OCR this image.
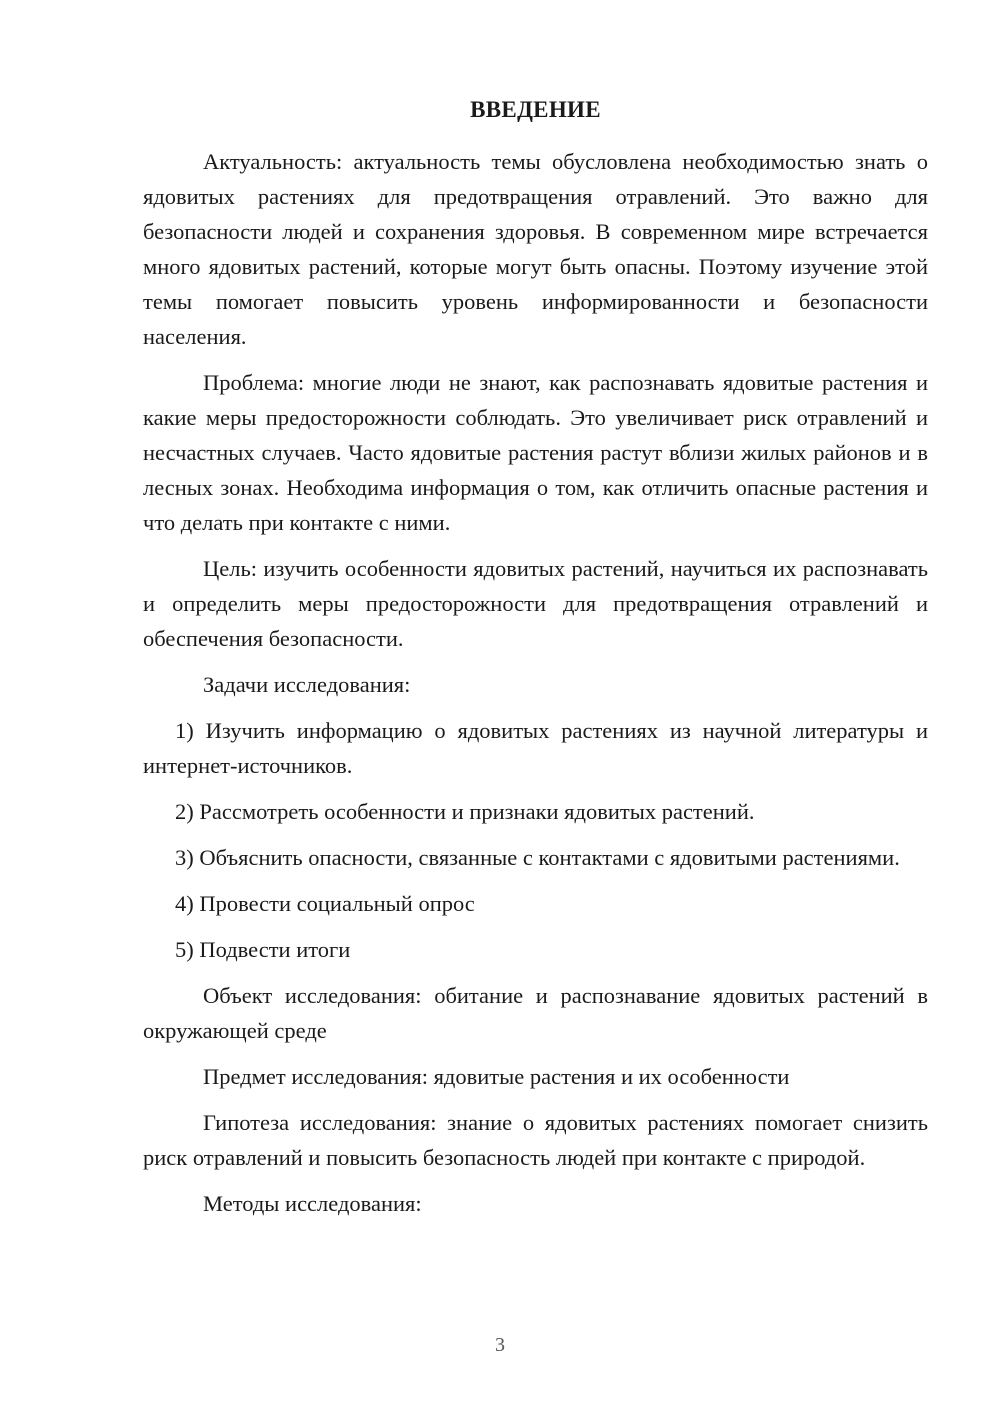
ВВЕДЕНИЕ

Актуальность: актуальность темы обусловлена необходимостью знать о ядовитых растениях для предотвращения отравлений. Это важно для безопасности людей и сохранения здоровья. В современном мире встречается много ядовитых растений, которые могут быть опасны. Поэтому изучение этой темы помогает повысить уровень информированности и безопасности населения.

Проблема: многие люди не знают, как распознавать ядовитые растения и какие меры предосторожности соблюдать. Это увеличивает риск отравлений и несчастных случаев. Часто ядовитые растения растут вблизи жилых районов и в лесных зонах. Необходима информация о том, как отличить опасные растения и что делать при контакте с ними.

Цель: изучить особенности ядовитых растений, научиться их распознавать и определить меры предосторожности для предотвращения отравлений и обеспечения безопасности.

Задачи исследования:

1) Изучить информацию о ядовитых растениях из научной литературы и интернет-источников.

2) Рассмотреть особенности и признаки ядовитых растений.

3) Объяснить опасности, связанные с контактами с ядовитыми растениями.

4) Провести социальный опрос

5) Подвести итоги

Объект исследования: обитание и распознавание ядовитых растений в окружающей среде

Предмет исследования: ядовитые растения и их особенности

Гипотеза исследования: знание о ядовитых растениях помогает снизить риск отравлений и повысить безопасность людей при контакте с природой.

Методы исследования:

3
